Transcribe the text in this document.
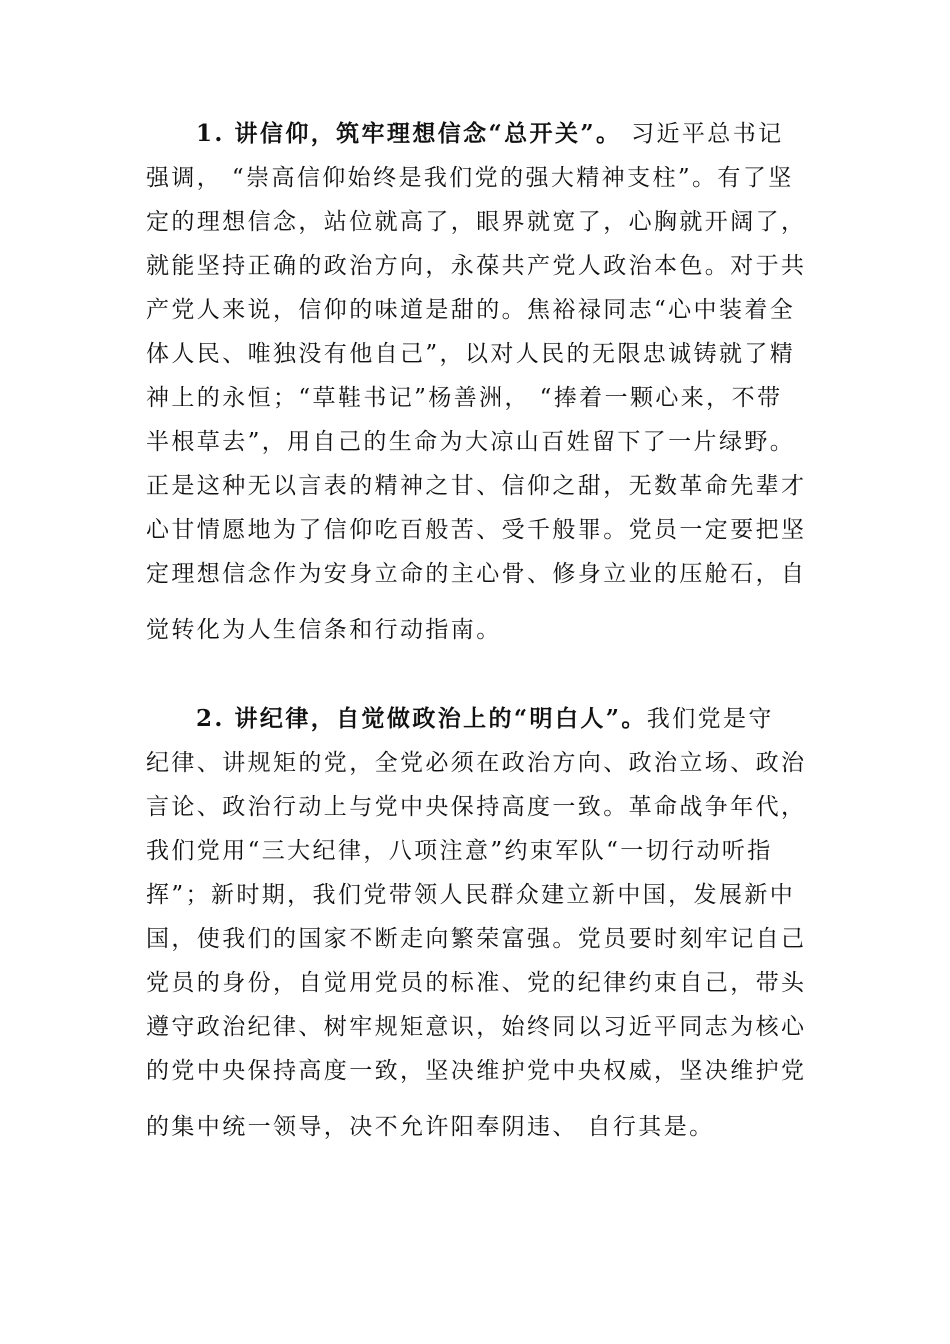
1. 讲信仰，筑牢理想信念“总开关”。 习近平总书记
强调， “崇高信仰始终是我们党的强大精神支柱”。有了坚
定的理想信念，站位就高了，眼界就宽了，心胸就开阔了，
就能坚持正确的政治方向，永葆共产党人政治本色。对于共
产党人来说，信仰的味道是甜的。焦裕禄同志“心中装着全
体人民、唯独没有他自己”，以对人民的无限忠诚铸就了精
神上的永恒；“草鞋书记”杨善洲， “捧着一颗心来，不带
半根草去”，用自己的生命为大凉山百姓留下了一片绿野。
正是这种无以言表的精神之甘、信仰之甜，无数革命先辈才
心甘情愿地为了信仰吃百般苦、受千般罪。党员一定要把坚
定理想信念作为安身立命的主心骨、修身立业的压舱石，自
觉转化为人生信条和行动指南。
2. 讲纪律，自觉做政治上的“明白人”。我们党是守
纪律、讲规矩的党，全党必须在政治方向、政治立场、政治
言论、政治行动上与党中央保持高度一致。革命战争年代，
我们党用“三大纪律，八项注意”约束军队“一切行动听指
挥”；新时期，我们党带领人民群众建立新中国，发展新中
国，使我们的国家不断走向繁荣富强。党员要时刻牢记自己
党员的身份，自觉用党员的标准、党的纪律约束自己，带头
遵守政治纪律、树牢规矩意识，始终同以习近平同志为核心
的党中央保持高度一致，坚决维护党中央权威，坚决维护党
的集中统一领导，决不允许阳奉阴违、 自行其是。
